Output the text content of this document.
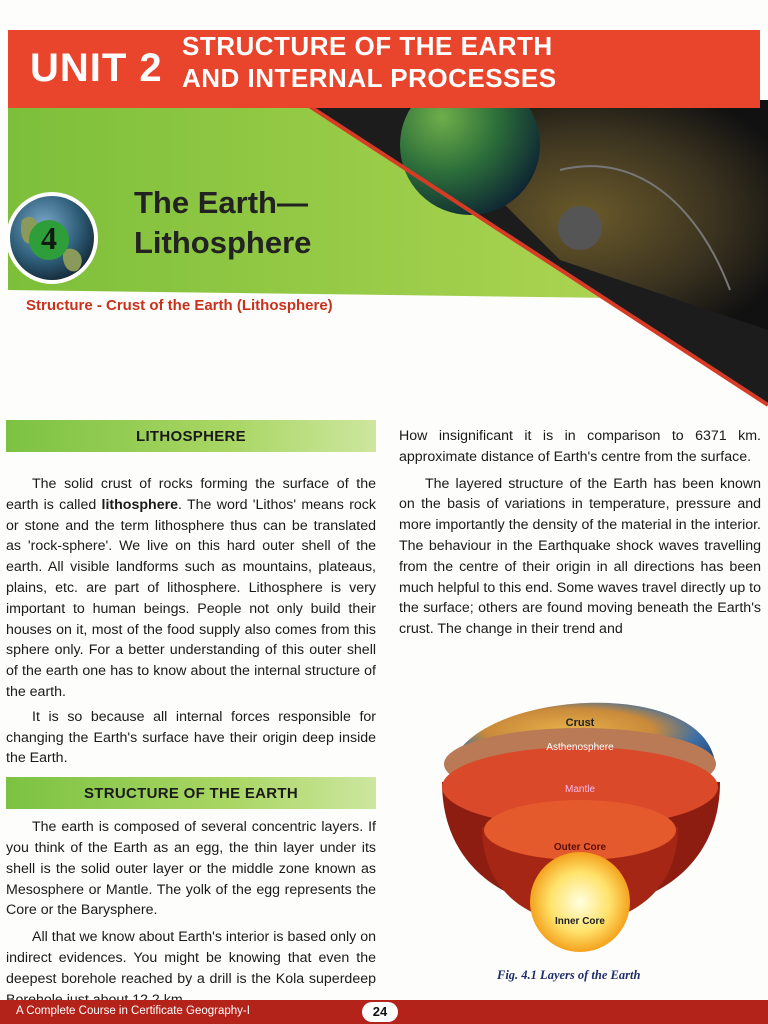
UNIT 2 STRUCTURE OF THE EARTH
AND INTERNAL PROCESSES
4
The Earth—
Lithosphere
Structure - Crust of the Earth (Lithosphere)
LITHOSPHERE

The solid crust of rocks forming the surface of the earth is called lithosphere. The word 'Lithos' means rock or stone and the term lithosphere thus can be translated as 'rock-sphere'. We live on this hard outer shell of the earth. All visible landforms such as mountains, plateaus, plains, etc. are part of lithosphere. Lithosphere is very important to human beings. People not only build their houses on it, most of the food supply also comes from this sphere only. For a better understanding of this outer shell of the earth one has to know about the internal structure of the earth.

It is so because all internal forces responsible for changing the Earth's surface have their origin deep inside the Earth.

STRUCTURE OF THE EARTH

The earth is composed of several concentric layers. If you think of the Earth as an egg, the thin layer under its shell is the solid outer layer or the middle zone known as Mesosphere or Mantle. The yolk of the egg represents the Core or the Barysphere.

All that we know about Earth's interior is based only on indirect evidences. You might be knowing that even the deepest borehole reached by a drill is the Kola superdeep

How insignificant it is in comparison to 6371 km. approximate distance of Earth's centre from the surface.

The layered structure of the Earth has been known on the basis of variations in temperature, pressure and more importantly the density of the material in the interior. The behaviour in the Earthquake shock waves travelling from the centre of their origin in all directions has been much helpful to this end. Some waves travel directly up to the surface; others are found moving beneath the Earth's crust. The change in their trend and

Crust
Asthenosphere
Mantle
Outer Core
Inner Core
Fig. 4.1 Layers of the Earth
A Complete Course in Certificate Geography-I	24
